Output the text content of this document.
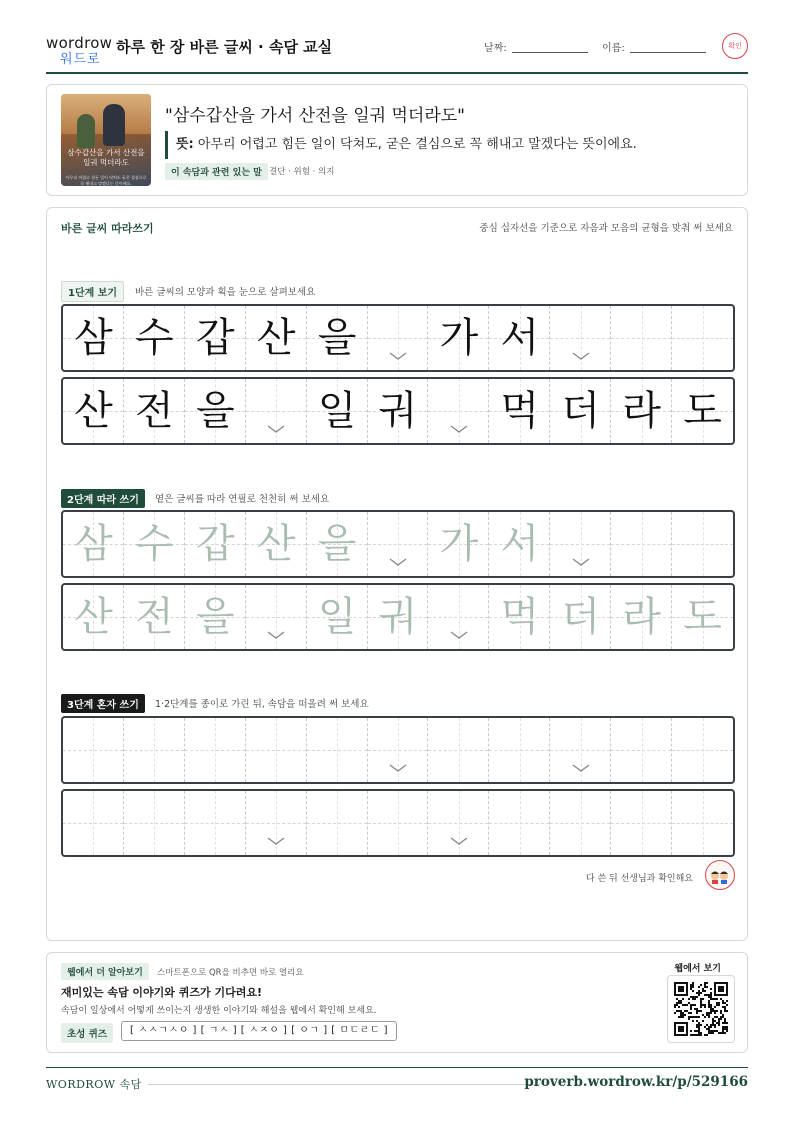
wordrow
워드로
하루 한 장 바른 글씨 · 속담 교실	날짜:	이름:	확인
삼수갑산을 가서 산전을 일궈 먹더라도
아무리 어렵고 힘든 일이 닥쳐도 굳은 결심으로 꼭 해내고 말겠다는 뜻이에요.
"삼수갑산을 가서 산전을 일궈 먹더라도"
뜻: 아무리 어렵고 힘든 일이 닥쳐도, 굳은 결심으로 꼭 해내고 말겠다는 뜻이에요.
이 속담과 관련 있는 말 결단 · 위험 · 의지
바른 글씨 따라쓰기	중심 십자선을 기준으로 자음과 모음의 균형을 맞춰 써 보세요
1단계 보기	바른 글씨의 모양과 획을 눈으로 살펴보세요
삼 수 갑 산 을 가 서
산 전 을 일 궈 먹 더 라 도
2단계 따라 쓰기	옅은 글씨를 따라 연필로 천천히 써 보세요
삼 수 갑 산 을 가 서
산 전 을 일 궈 먹 더 라 도
3단계 혼자 쓰기	1·2단계를 종이로 가린 뒤, 속담을 떠올려 써 보세요
다 쓴 뒤 선생님과 확인해요
웹에서 더 알아보기	스마트폰으로 QR을 비추면 바로 열리요
재미있는 속담 이야기와 퀴즈가 기다려요!
속담이 일상에서 어떻게 쓰이는지 생생한 이야기와 해설을 웹에서 확인해 보세요.
초성 퀴즈	[ ㅅㅅㄱㅅㅇ ] [ ㄱㅅ ] [ ㅅㅈㅇ ] [ ㅇㄱ ] [ ㅁㄷㄹㄷ ]
웹에서 보기
WORDROW 속담	proverb.wordrow.kr/p/529166
